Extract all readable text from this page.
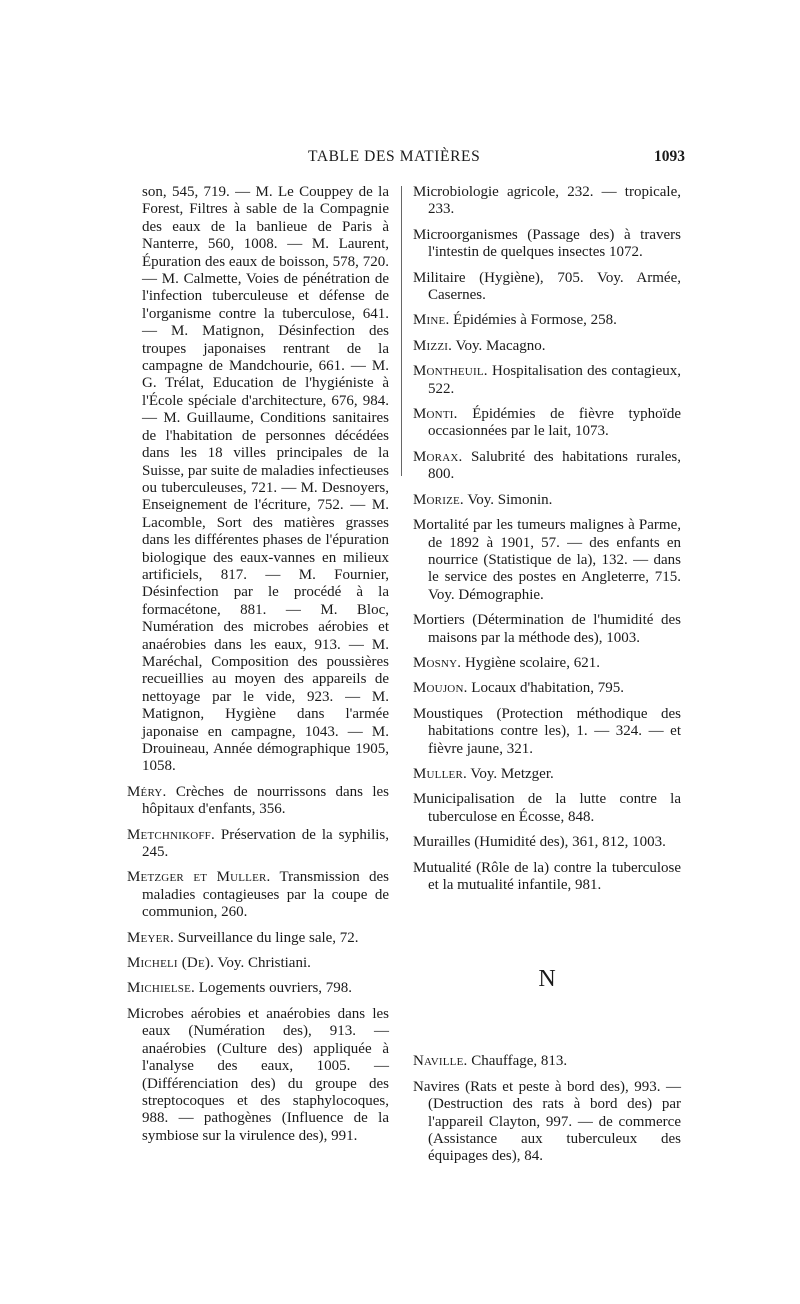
TABLE DES MATIÈRES	1093

son, 545, 719. — M. Le Couppey de la Forest, Filtres à sable de la Compagnie des eaux de la banlieue de Paris à Nanterre, 560, 1008. — M. Laurent, Épuration des eaux de boisson, 578, 720. — M. Calmette, Voies de pénétration de l'infection tuberculeuse et défense de l'organisme contre la tuberculose, 641. — M. Matignon, Désinfection des troupes japonaises rentrant de la campagne de Mandchourie, 661. — M. G. Trélat, Education de l'hygiéniste à l'École spéciale d'architecture, 676, 984. — M. Guillaume, Conditions sanitaires de l'habitation de personnes décédées dans les 18 villes principales de la Suisse, par suite de maladies infectieuses ou tuberculeuses, 721. — M. Desnoyers, Enseignement de l'écriture, 752. — M. Lacomble, Sort des matières grasses dans les différentes phases de l'épuration biologique des eaux-vannes en milieux artificiels, 817. — M. Fournier, Désinfection par le procédé à la formacétone, 881. — M. Bloc, Numération des microbes aérobies et anaérobies dans les eaux, 913. — M. Maréchal, Composition des poussières recueillies au moyen des appareils de nettoyage par le vide, 923. — M. Matignon, Hygiène dans l'armée japonaise en campagne, 1043. — M. Drouineau, Année démographique 1905, 1058.

Méry. Crèches de nourrissons dans les hôpitaux d'enfants, 356.

Metchnikoff. Préservation de la syphilis, 245.

Metzger et Muller. Transmission des maladies contagieuses par la coupe de communion, 260.

Meyer. Surveillance du linge sale, 72.

Micheli (De). Voy. Christiani.

Michielse. Logements ouvriers, 798.

Microbes aérobies et anaérobies dans les eaux (Numération des), 913. — anaérobies (Culture des) appliquée à l'analyse des eaux, 1005. — (Différenciation des) du groupe des streptocoques et des staphylocoques, 988. — pathogènes (Influence de la symbiose sur la virulence des), 991.

Microbiologie agricole, 232. — tropicale, 233.

Microorganismes (Passage des) à travers l'intestin de quelques insectes 1072.

Militaire (Hygiène), 705. Voy. Armée, Casernes.

Mine. Épidémies à Formose, 258.

Mizzi. Voy. Macagno.

Montheuil. Hospitalisation des contagieux, 522.

Monti. Épidémies de fièvre typhoïde occasionnées par le lait, 1073.

Morax. Salubrité des habitations rurales, 800.

Morize. Voy. Simonin.

Mortalité par les tumeurs malignes à Parme, de 1892 à 1901, 57. — des enfants en nourrice (Statistique de la), 132. — dans le service des postes en Angleterre, 715. Voy. Démographie.

Mortiers (Détermination de l'humidité des maisons par la méthode des), 1003.

Mosny. Hygiène scolaire, 621.

Moujon. Locaux d'habitation, 795.

Moustiques (Protection méthodique des habitations contre les), 1. — 324. — et fièvre jaune, 321.

Muller. Voy. Metzger.

Municipalisation de la lutte contre la tuberculose en Écosse, 848.

Murailles (Humidité des), 361, 812, 1003.

Mutualité (Rôle de la) contre la tuberculose et la mutualité infantile, 981.

N

Naville. Chauffage, 813.

Navires (Rats et peste à bord des), 993. — (Destruction des rats à bord des) par l'appareil Clayton, 997. — de commerce (Assistance aux tuberculeux des équipages des), 84.
